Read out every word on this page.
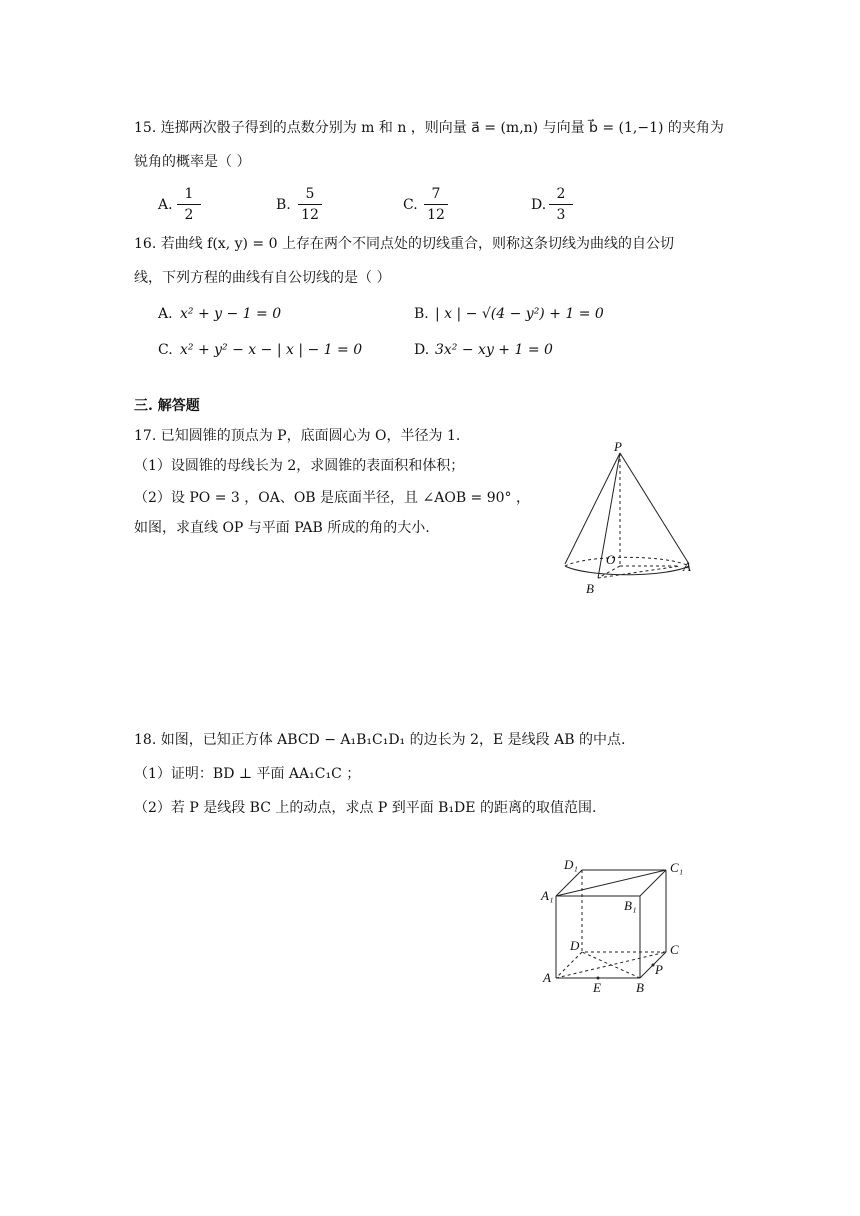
15. 连掷两次骰子得到的点数分别为 m 和 n ，则向量 a⃗ = (m,n) 与向量 b⃗ = (1,−1) 的夹角为
锐角的概率是（ ）
A.
1
2
B.
5
12
C.
7
12
D.
2
3
16. 若曲线 f(x, y) = 0 上存在两个不同点处的切线重合，则称这条切线为曲线的自公切
线，下列方程的曲线有自公切线的是（ ）
A. x² + y − 1 = 0	B. | x | − √(4 − y²) + 1 = 0
C. x² + y² − x − | x | − 1 = 0	D. 3x² − xy + 1 = 0
三. 解答题
17. 已知圆锥的顶点为 P，底面圆心为 O，半径为 1.
（1）设圆锥的母线长为 2，求圆锥的表面积和体积；
（2）设 PO = 3 ，OA、OB 是底面半径，且 ∠AOB = 90° ，
如图，求直线 OP 与平面 PAB 所成的角的大小.
P
O	A
B
18. 如图，已知正方体 ABCD − A₁B₁C₁D₁ 的边长为 2，E 是线段 AB 的中点.
（1）证明：BD ⊥ 平面 AA₁C₁C ；
（2）若 P 是线段 BC 上的动点，求点 P 到平面 B₁DE 的距离的取值范围.
D₁	C₁
A₁
B₁
D	C
A
E	B
P
